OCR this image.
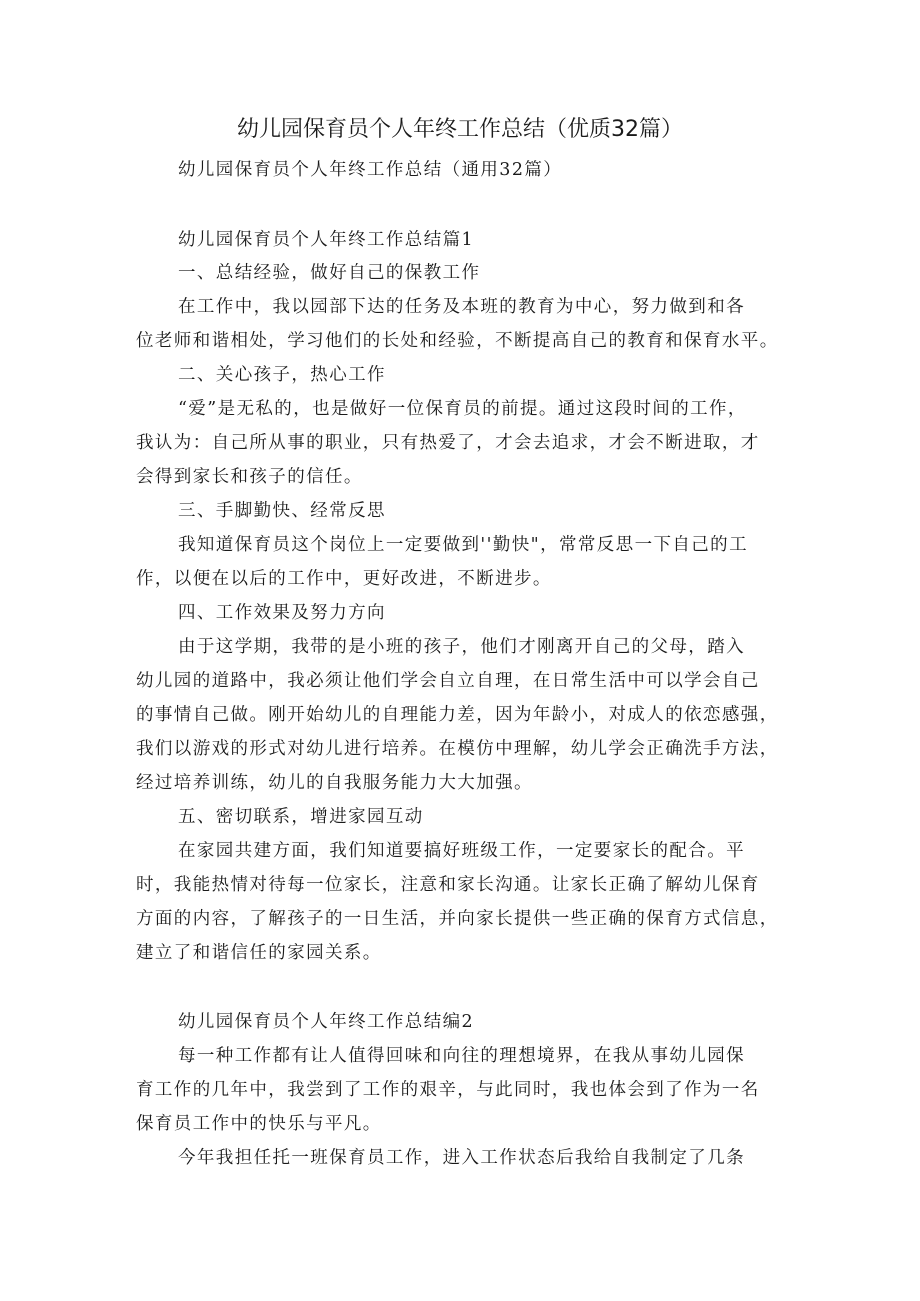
幼儿园保育员个人年终工作总结（优质32篇）

幼儿园保育员个人年终工作总结（通用32篇）

幼儿园保育员个人年终工作总结篇1

一、总结经验，做好自己的保教工作

在工作中，我以园部下达的任务及本班的教育为中心，努力做到和各

位老师和谐相处，学习他们的长处和经验，不断提高自己的教育和保育水平。

二、关心孩子，热心工作

“爱”是无私的，也是做好一位保育员的前提。通过这段时间的工作，

我认为：自己所从事的职业，只有热爱了，才会去追求，才会不断进取，才

会得到家长和孩子的信任。

三、手脚勤快、经常反思

我知道保育员这个岗位上一定要做到''勤快"，常常反思一下自己的工

作，以便在以后的工作中，更好改进，不断进步。

四、工作效果及努力方向

由于这学期，我带的是小班的孩子，他们才刚离开自己的父母，踏入

幼儿园的道路中，我必须让他们学会自立自理，在日常生活中可以学会自己

的事情自己做。刚开始幼儿的自理能力差，因为年龄小，对成人的依恋感强，

我们以游戏的形式对幼儿进行培养。在模仿中理解，幼儿学会正确洗手方法，

经过培养训练，幼儿的自我服务能力大大加强。

五、密切联系，增进家园互动

在家园共建方面，我们知道要搞好班级工作，一定要家长的配合。平

时，我能热情对待每一位家长，注意和家长沟通。让家长正确了解幼儿保育

方面的内容，了解孩子的一日生活，并向家长提供一些正确的保育方式信息，

建立了和谐信任的家园关系。

幼儿园保育员个人年终工作总结编2

每一种工作都有让人值得回味和向往的理想境界，在我从事幼儿园保

育工作的几年中，我尝到了工作的艰辛，与此同时，我也体会到了作为一名

保育员工作中的快乐与平凡。

今年我担任托一班保育员工作，进入工作状态后我给自我制定了几条
